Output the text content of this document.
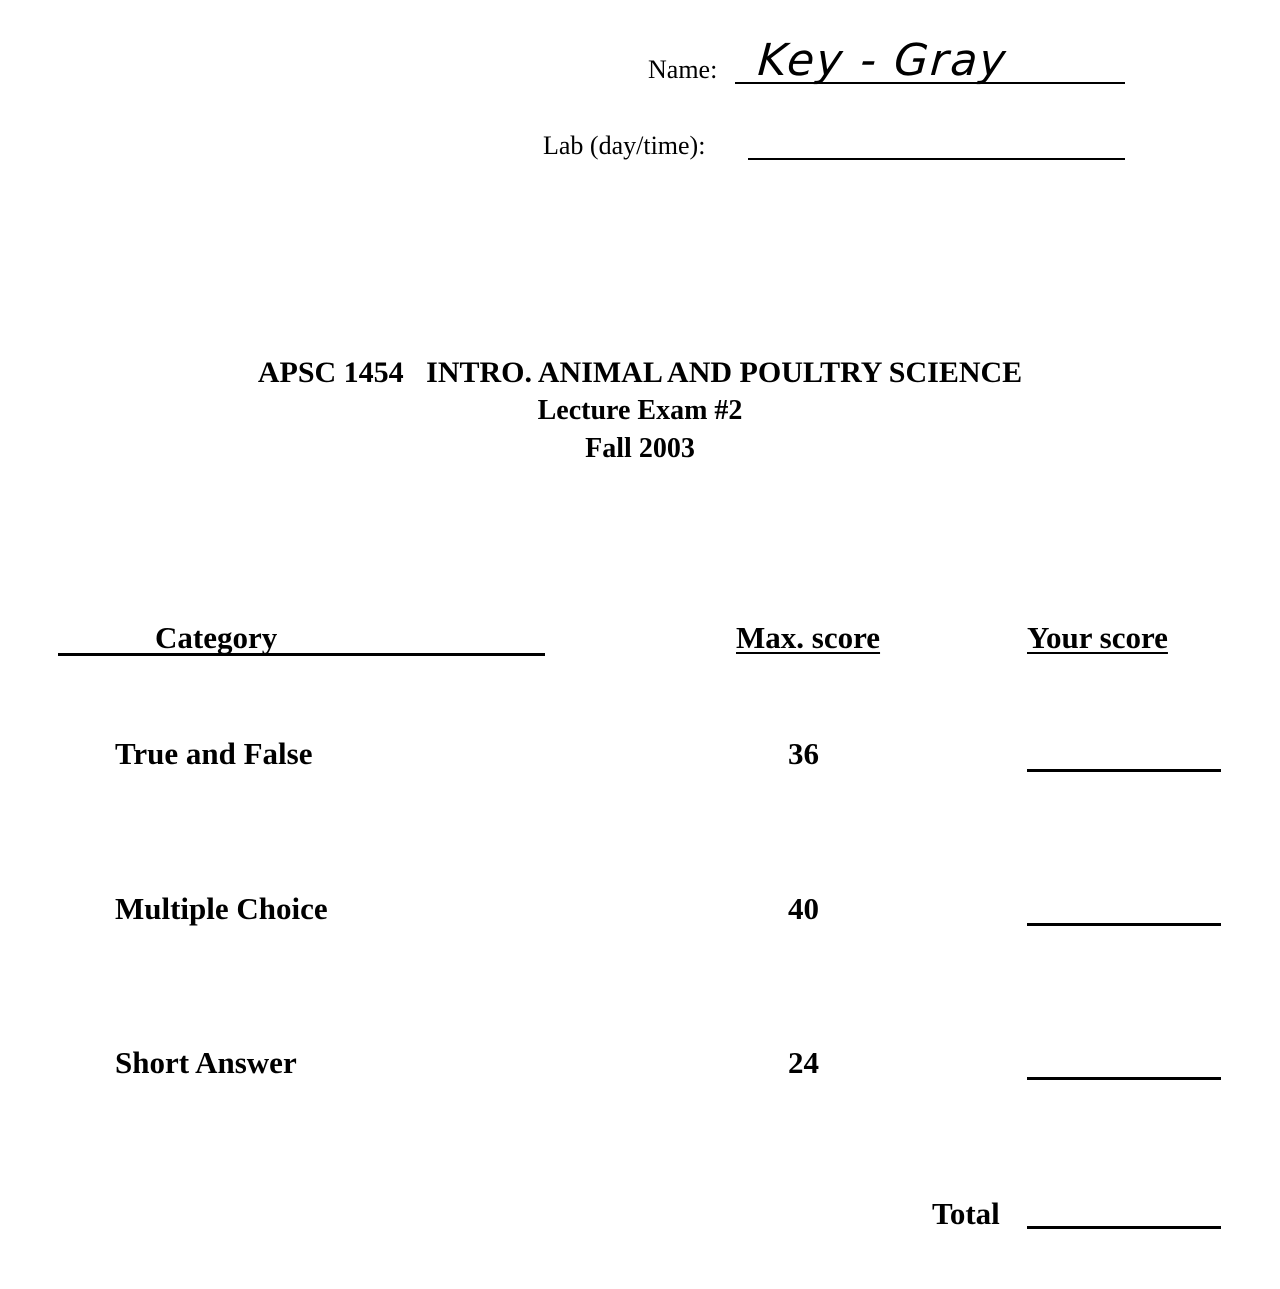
Name: Key - Gray
Lab (day/time):
APSC 1454   INTRO. ANIMAL AND POULTRY SCIENCE
Lecture Exam #2
Fall 2003
Category	Max. score	Your score
True and False	36
Multiple Choice	40
Short Answer	24
Total
